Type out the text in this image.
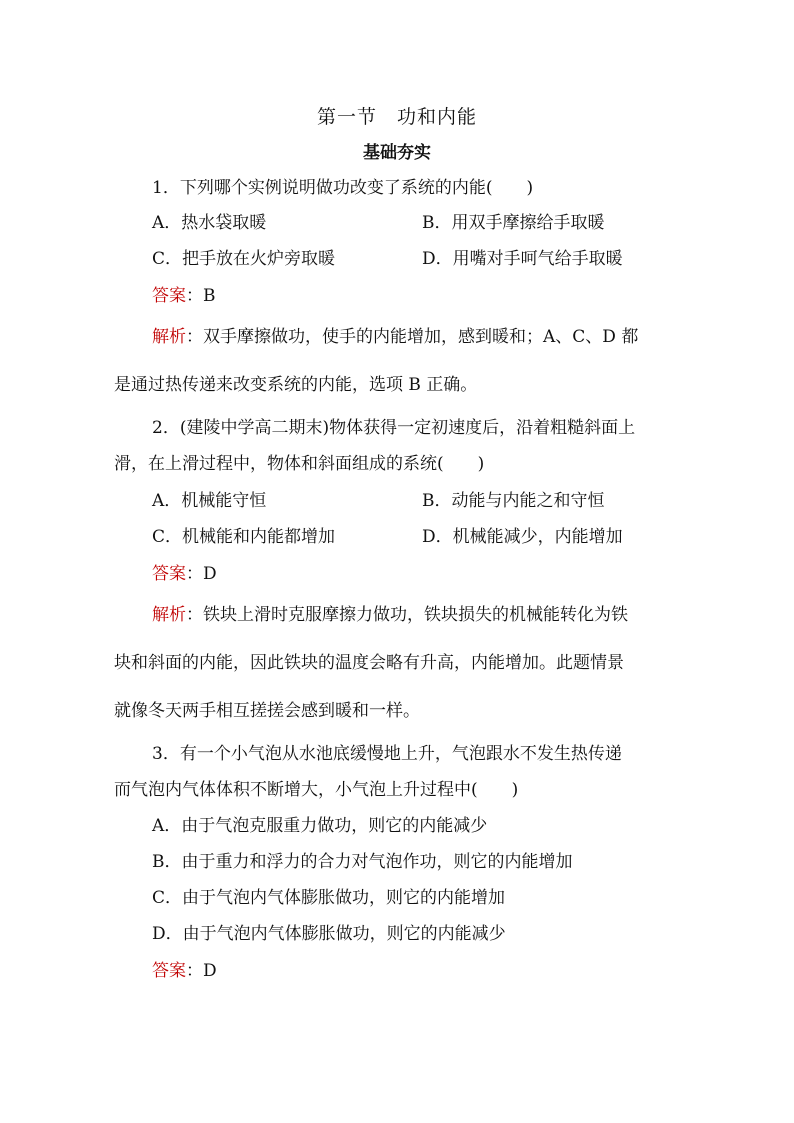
第一节　功和内能
基础夯实
1．下列哪个实例说明做功改变了系统的内能( )
A．热水袋取暖	B．用双手摩擦给手取暖
C．把手放在火炉旁取暖	D．用嘴对手呵气给手取暖
答案：B
解析：双手摩擦做功，使手的内能增加，感到暖和；A、C、D 都
是通过热传递来改变系统的内能，选项 B 正确。
2．(建陵中学高二期末)物体获得一定初速度后，沿着粗糙斜面上
滑，在上滑过程中，物体和斜面组成的系统( )
A．机械能守恒	B．动能与内能之和守恒
C．机械能和内能都增加	D．机械能减少，内能增加
答案：D
解析：铁块上滑时克服摩擦力做功，铁块损失的机械能转化为铁
块和斜面的内能，因此铁块的温度会略有升高，内能增加。此题情景
就像冬天两手相互搓搓会感到暖和一样。
3．有一个小气泡从水池底缓慢地上升，气泡跟水不发生热传递
而气泡内气体体积不断增大，小气泡上升过程中( )
A．由于气泡克服重力做功，则它的内能减少
B．由于重力和浮力的合力对气泡作功，则它的内能增加
C．由于气泡内气体膨胀做功，则它的内能增加
D．由于气泡内气体膨胀做功，则它的内能减少
答案：D
